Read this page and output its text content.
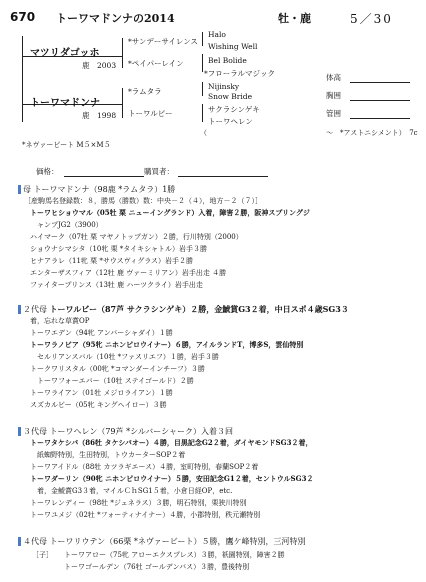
670 トーワマドンナの2014	牡・鹿	5／30
マツリダゴッホ
鹿　2003
*サンデーサイレンス
*ペイパーレイン
Halo
Wishing Well
Bel Bolide
*フローラルマジック
トーワマドンナ
鹿　1998
*ラムタラ
トーワルビー
Nijinsky
Snow Bride
サクラシンゲキ
トーワヘレン
（　　　　　　　　　　　　　　　　　〜　*アストニシメント）　7c
体高
胸囲
管囲
*ネヴァービート M５×M５
価格：	購買者：
母 トーワマドンナ（98鹿 *ラムタラ）1勝
［産駒馬名登録数：８，勝馬（勝数）数：中央－２（４），地方－２（７）］
トーワヒショウマル（05牡 栗 ニューイングランド）入着，障害２勝，阪神スプリングジ
　ャンプJG2（3900）
ハイマーク（07牡 栗 マヤノトップガン）２勝，行川特別（2000）
ショウナシマシタ（10牝 栗 *タイキシャトル）岩手３勝
ヒナアラレ（11牝 栗 *サウスヴィグラス）岩手２勝
エンターザスフィア（12牡 鹿 ヴァーミリアン）岩手出走 ４勝
ファイタープリンス（13牡 鹿 ハーツクライ）岩手出走
２代母 トーワルビー（87芦 サクラシンゲキ）２勝，金鯱賞G3２着，中日スポ４歳SG3３
着，忘れな草賞OP
トーワエデン（94牝 アンバーシャダイ）１勝
トーワラノビア（95牝 ニホンピロウイナー）６勝，アイルランドT，博多S，雲仙特別
　セルリアンスバル（10牡 *ファスリエフ）１勝，岩手３勝
トークワリスタル（00牝 *コマンダーインチーフ）３勝
　トーワフォーエバー（10牡 ステイゴールド）２勝
トーワライアン（01牡 メジロライアン）１勝
スズカルビー（05牝 キングヘイロー）３勝
３代母 トーワヘレン（79芦 *シルバーシャーク）入着３回
トーワタケシバ（86牡 タケシバオー）４勝，目黒記念G2２着，ダイヤモンドSG3２着，
　紙蜘野特別，生田特別，トウカーターSOP２着
トーワアイドル（88牡 カツラギエース）４勝，室町特別，春蘭SOP２着
トーワダーリン（90牝 ニホンピロウイナー）５勝，安田記念G1２着，セントウルSG3２
　着，金鯱賞G3３着，マイルＣｈSG1５着，小倉日経OP，etc.
トーワレンディー（98牡 *ジェネラス）３勝，明石特別，栗狭川特別
トーワユメジ（02牡 *フォーティナイナー）４勝，小郡特別，秩元瀬特別
４代母 トーワリウテン（66栗 *ネヴァービート）５勝，鷹ケ峰特別，三河特別
［子］ トーワアロー（75牝 アローエクスプレス）３勝，祇園特別，障害２勝
トーワゴールデン（76牡 ゴールデンバス）３勝，豊後特別
